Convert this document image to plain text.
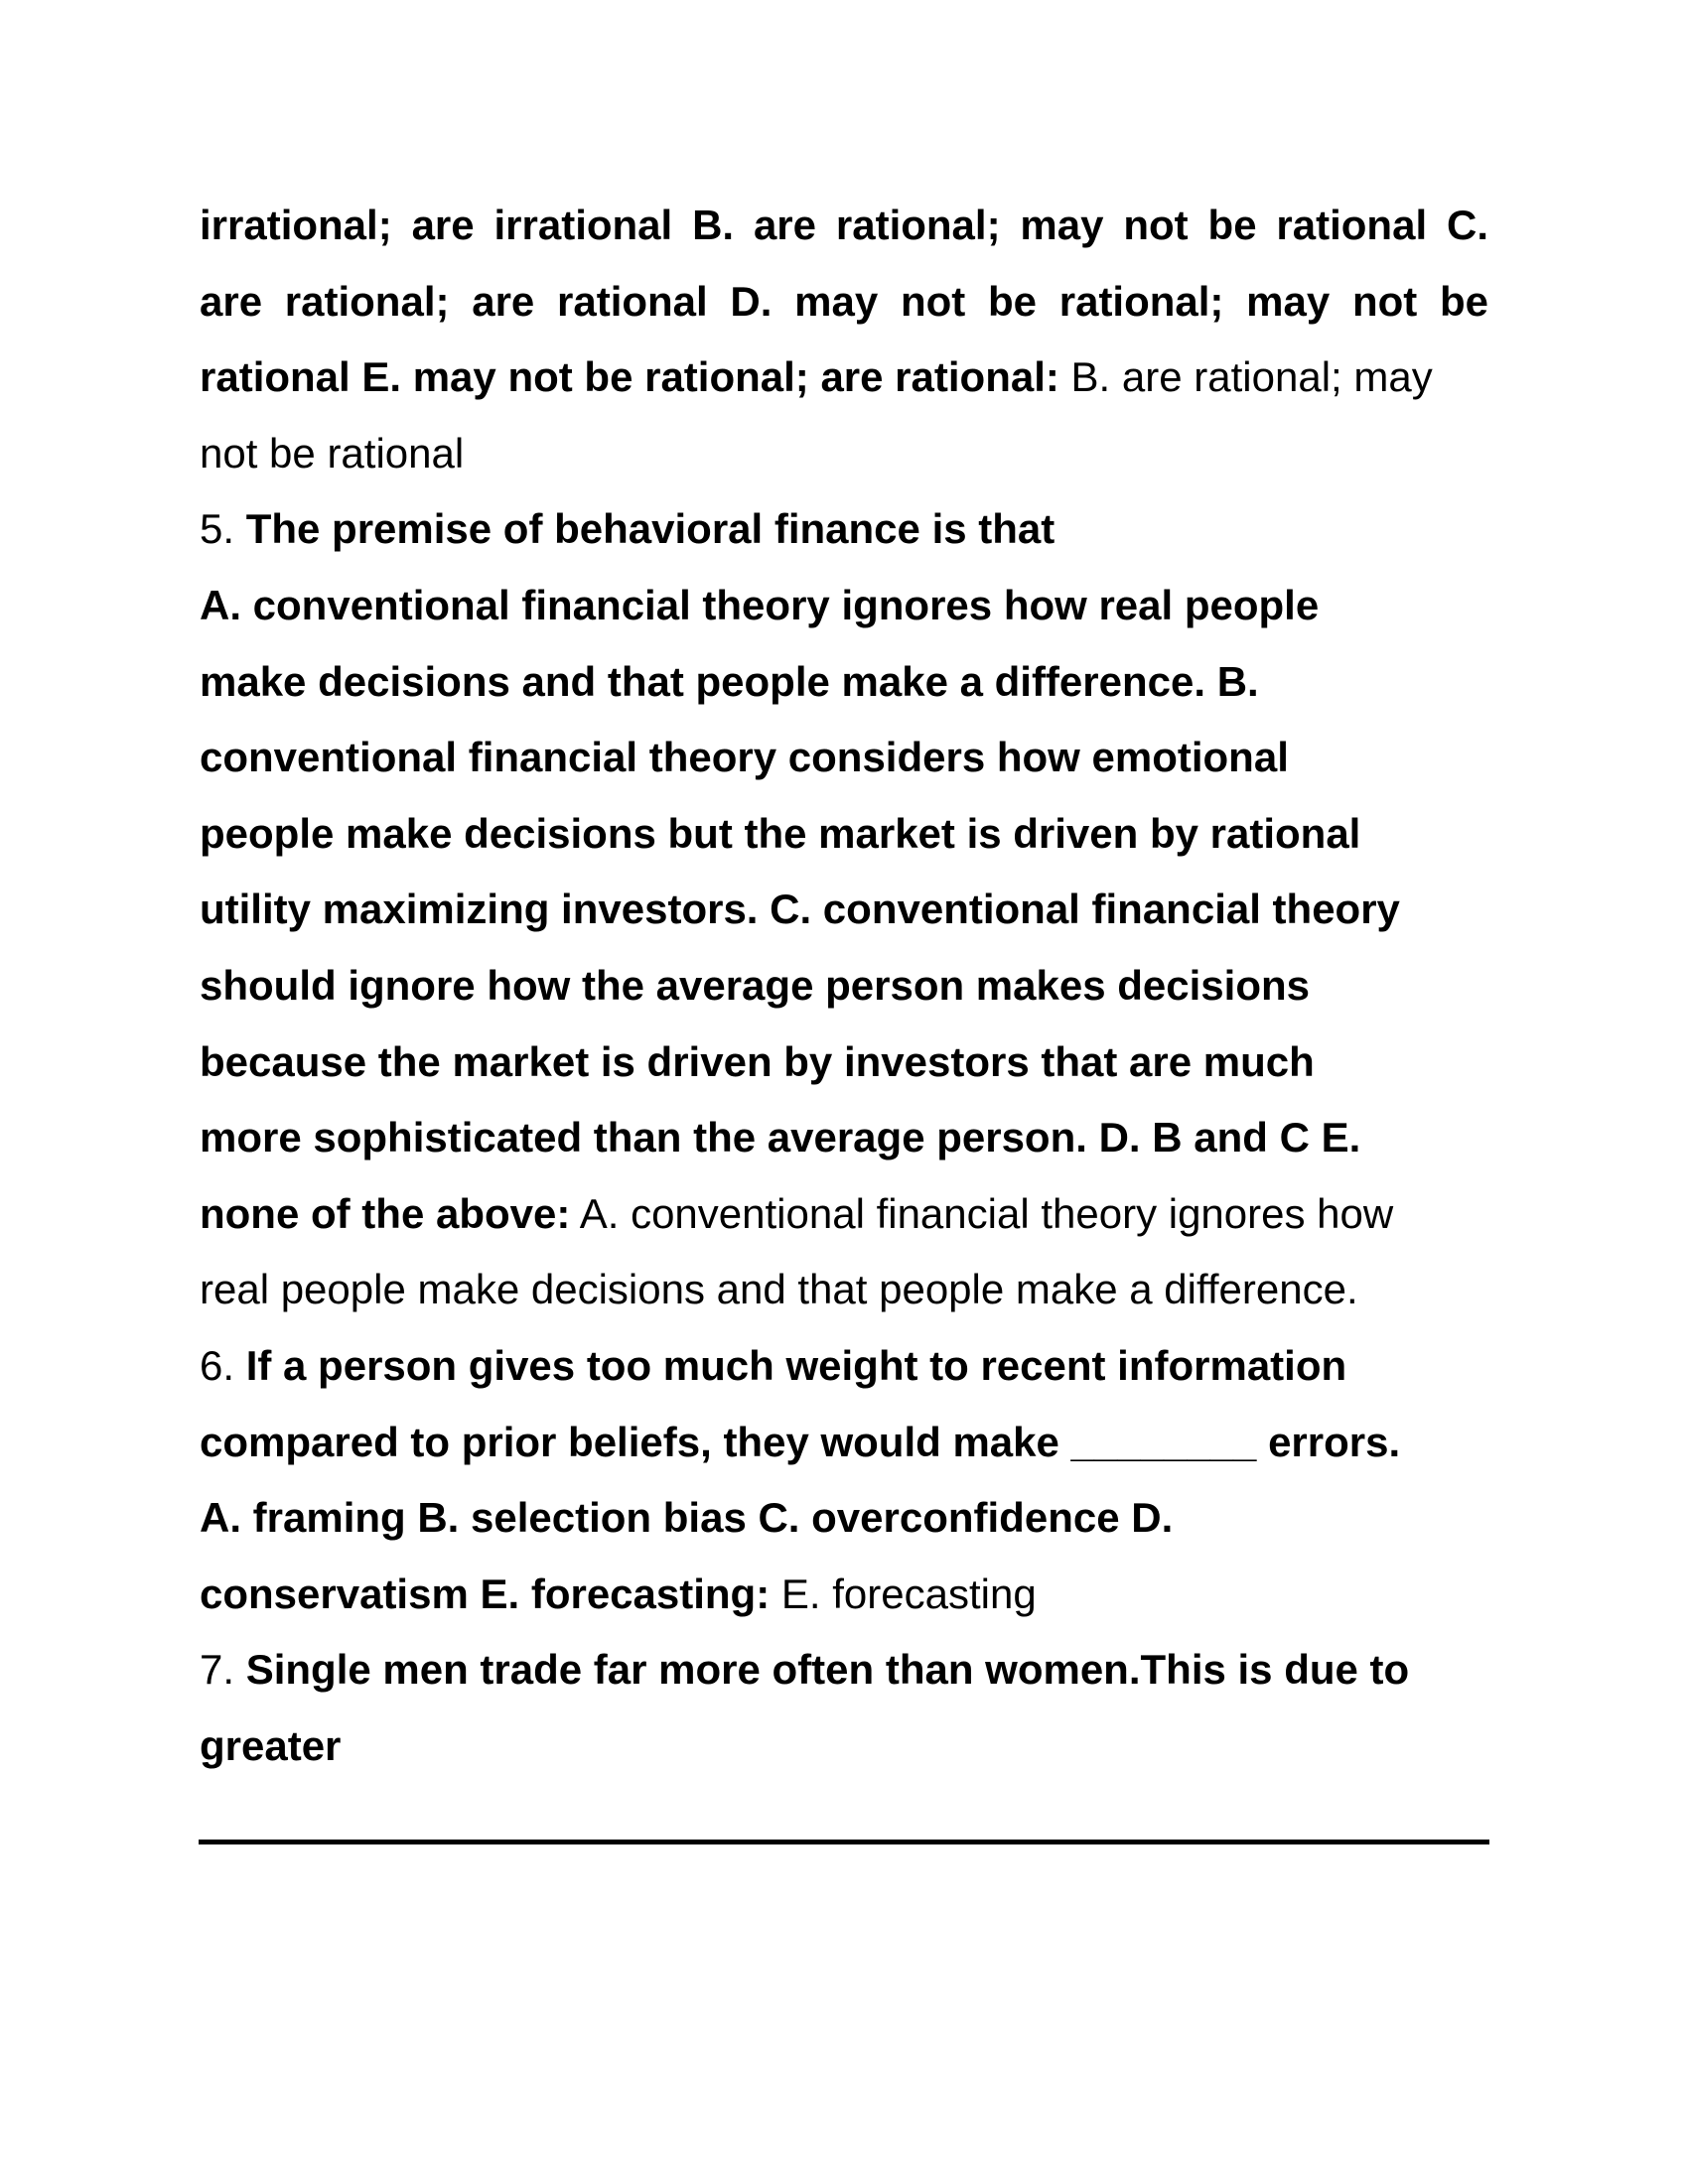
irrational; are irrational B. are rational; may not be rational C.
are rational; are rational D. may not be rational; may not be
rational E. may not be rational; are rational: B. are rational; may
not be rational
5. The premise of behavioral finance is that
A. conventional financial theory ignores how real people
make decisions and that people make a difference. B.
conventional financial theory considers how emotional
people make decisions but the market is driven by rational
utility maximizing investors. C. conventional financial theory
should ignore how the average person makes decisions
because the market is driven by investors that are much
more sophisticated than the average person. D. B and C E.
none of the above: A. conventional financial theory ignores how
real people make decisions and that people make a difference.
6. If a person gives too much weight to recent information
compared to prior beliefs, they would make ________ errors.
A. framing B. selection bias C. overconfidence D.
conservatism E. forecasting: E. forecasting
7. Single men trade far more often than women.This is due to
greater
